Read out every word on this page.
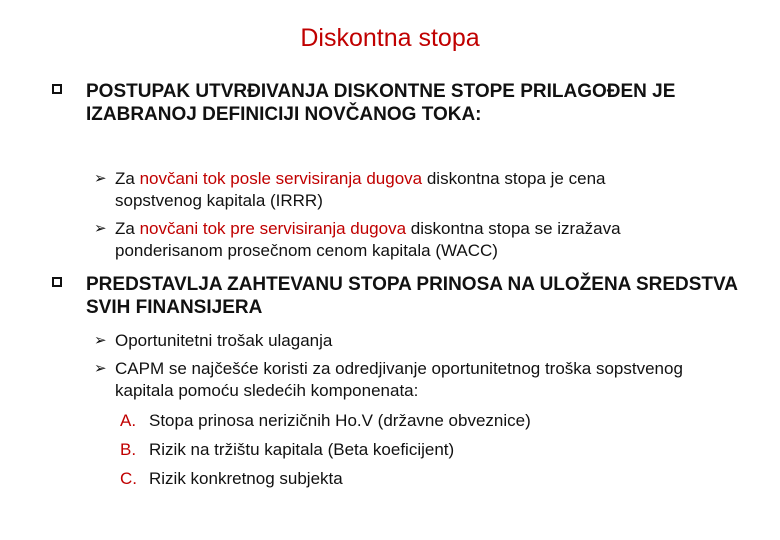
Diskontna stopa
POSTUPAK UTVRĐIVANJA DISKONTNE STOPE PRILAGOĐEN JE IZABRANOJ DEFINICIJI NOVČANOG TOKA:
➢ Za novčani tok posle servisiranja dugova diskontna stopa je cena sopstvenog kapitala (IRRR)
➢ Za novčani tok pre servisiranja dugova diskontna stopa se izražava ponderisanom prosečnom cenom kapitala (WACC)
PREDSTAVLJA ZAHTEVANU STOPA PRINOSA NA ULOŽENA SREDSTVA SVIH FINANSIJERA
➢ Oportunitetni trošak ulaganja
➢ CAPM se najčešće koristi za odredjivanje oportunitetnog troška sopstvenog kapitala pomoću sledećih komponenata:
A. Stopa prinosa nerizičnih Ho.V (državne obveznice)
B. Rizik na tržištu kapitala (Beta koeficijent)
C. Rizik konkretnog subjekta
